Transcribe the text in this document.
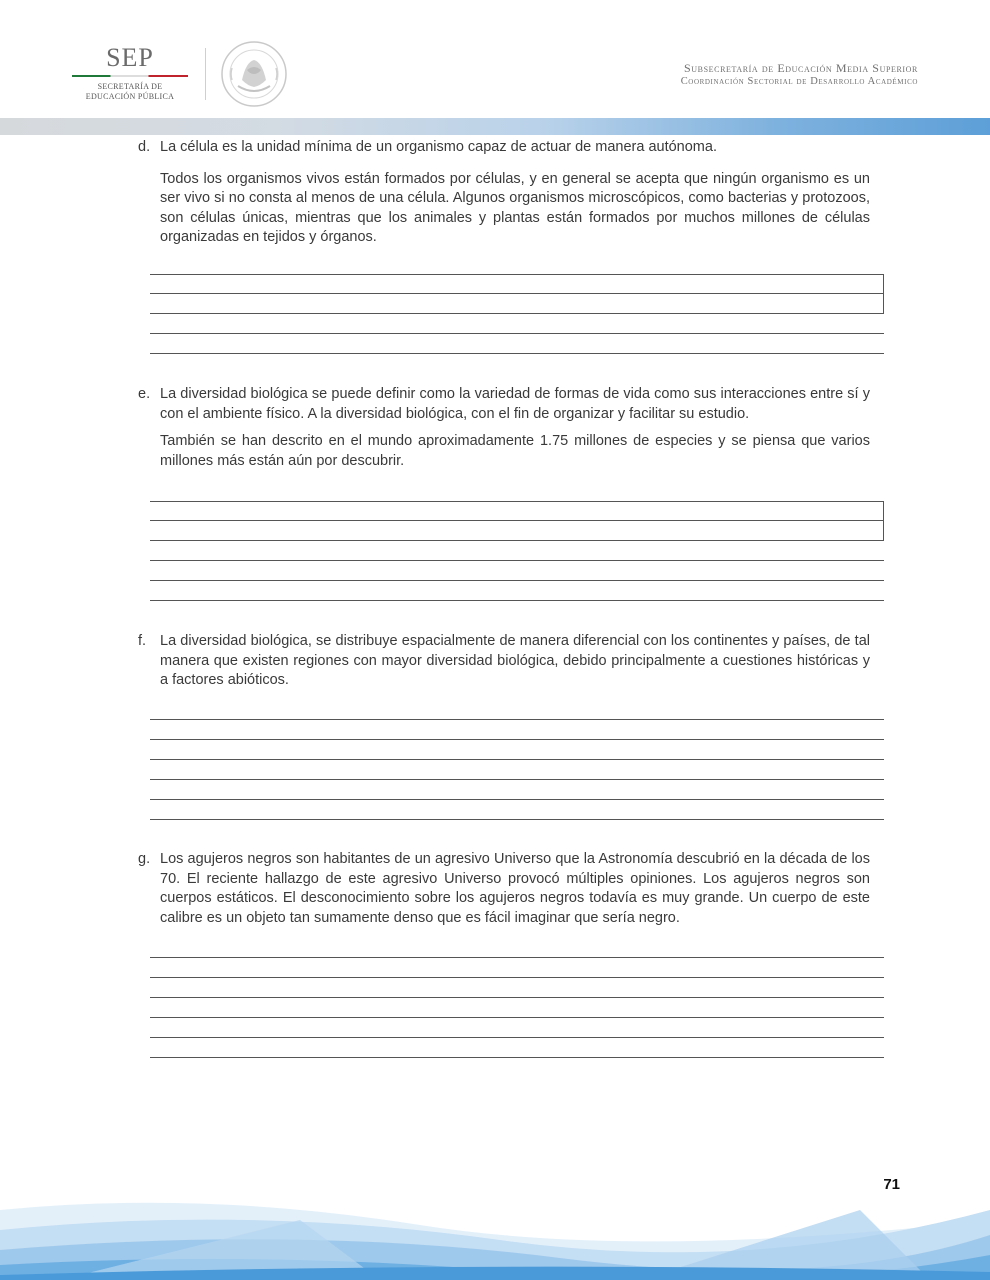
SEP
SECRETARÍA DE
EDUCACIÓN PÚBLICA
Subsecretaría de Educación Media Superior
Coordinación Sectorial de Desarrollo Académico
d. La célula es la unidad mínima de un organismo capaz de actuar de manera autónoma.

Todos los organismos vivos están formados por células, y en general se acepta que ningún organismo es un ser vivo si no consta al menos de una célula. Algunos organismos microscópicos, como bacterias y protozoos, son células únicas, mientras que los animales y plantas están formados por muchos millones de células organizadas en tejidos y órganos.

e. La diversidad biológica se puede definir como la variedad de formas de vida como sus interacciones entre sí y con el ambiente físico. A la diversidad biológica, con el fin de organizar y facilitar su estudio.

También se han descrito en el mundo aproximadamente 1.75 millones de especies y se piensa que varios millones más están aún por descubrir.

f. La diversidad biológica, se distribuye espacialmente de manera diferencial con los continentes y países, de tal manera que existen regiones con mayor diversidad biológica, debido principalmente a cuestiones históricas y a factores abióticos.

g. Los agujeros negros son habitantes de un agresivo Universo que la Astronomía descubrió en la década de los 70. El reciente hallazgo de este agresivo Universo provocó múltiples opiniones. Los agujeros negros son cuerpos estáticos. El desconocimiento sobre los agujeros negros todavía es muy grande. Un cuerpo de este calibre es un objeto tan sumamente denso que es fácil imaginar que sería negro.

71
